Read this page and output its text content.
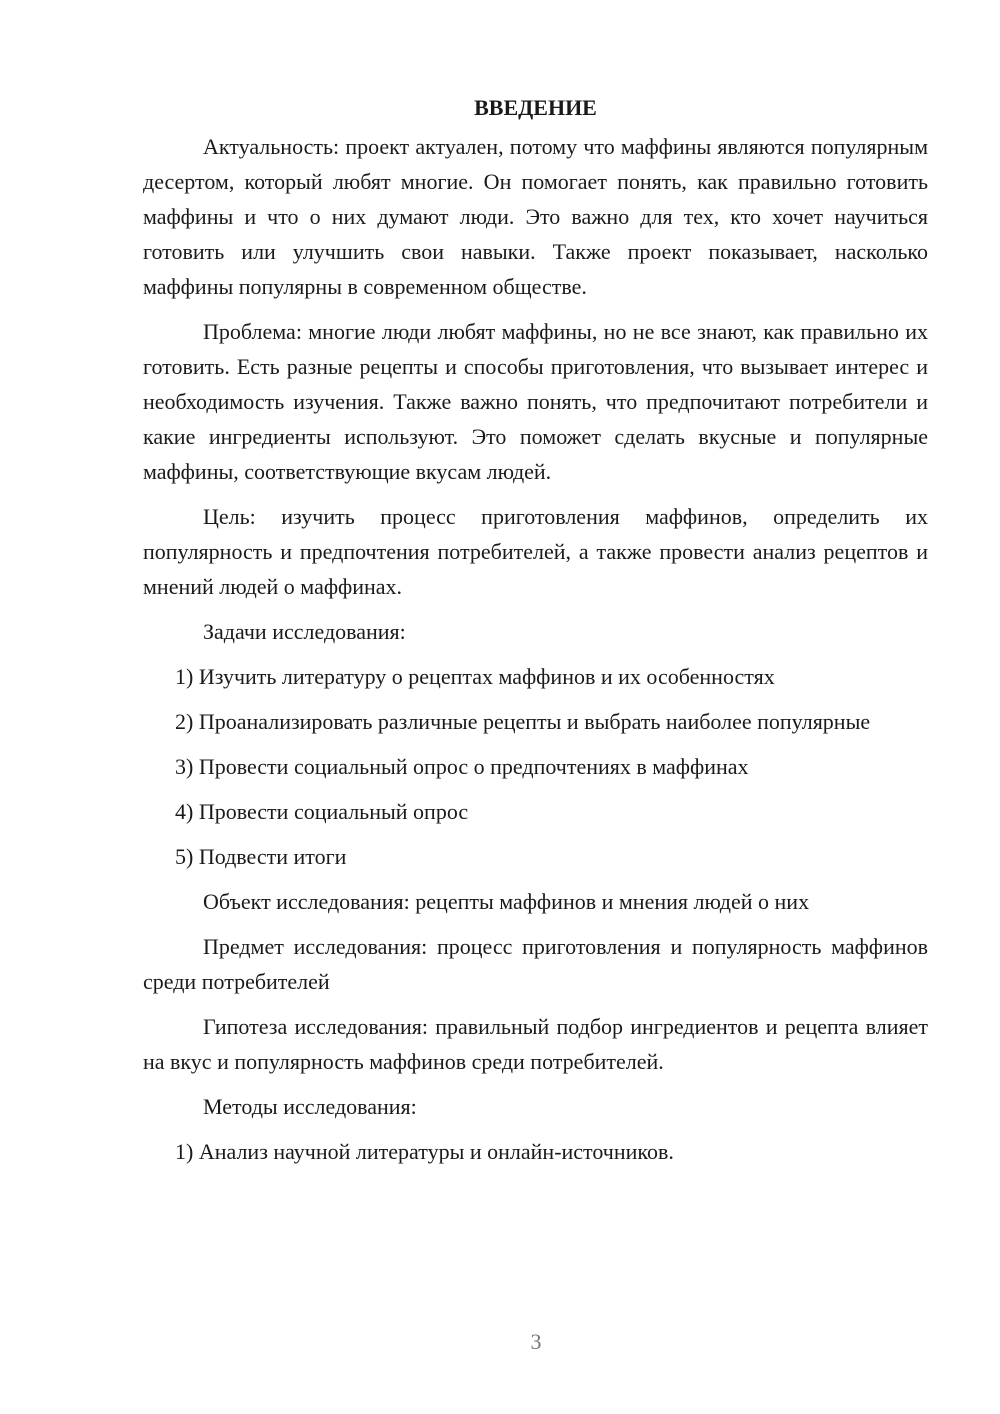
ВВЕДЕНИЕ

Актуальность: проект актуален, потому что маффины являются популярным десертом, который любят многие. Он помогает понять, как правильно готовить маффины и что о них думают люди. Это важно для тех, кто хочет научиться готовить или улучшить свои навыки. Также проект показывает, насколько маффины популярны в современном обществе.

Проблема: многие люди любят маффины, но не все знают, как правильно их готовить. Есть разные рецепты и способы приготовления, что вызывает интерес и необходимость изучения. Также важно понять, что предпочитают потребители и какие ингредиенты используют. Это поможет сделать вкусные и популярные маффины, соответствующие вкусам людей.

Цель: изучить процесс приготовления маффинов, определить их популярность и предпочтения потребителей, а также провести анализ рецептов и мнений людей о маффинах.

Задачи исследования:

1) Изучить литературу о рецептах маффинов и их особенностях

2) Проанализировать различные рецепты и выбрать наиболее популярные

3) Провести социальный опрос о предпочтениях в маффинах

4) Провести социальный опрос

5) Подвести итоги

Объект исследования: рецепты маффинов и мнения людей о них

Предмет исследования: процесс приготовления и популярность маффинов среди потребителей

Гипотеза исследования: правильный подбор ингредиентов и рецепта влияет на вкус и популярность маффинов среди потребителей.

Методы исследования:

1) Анализ научной литературы и онлайн-источников.

3
